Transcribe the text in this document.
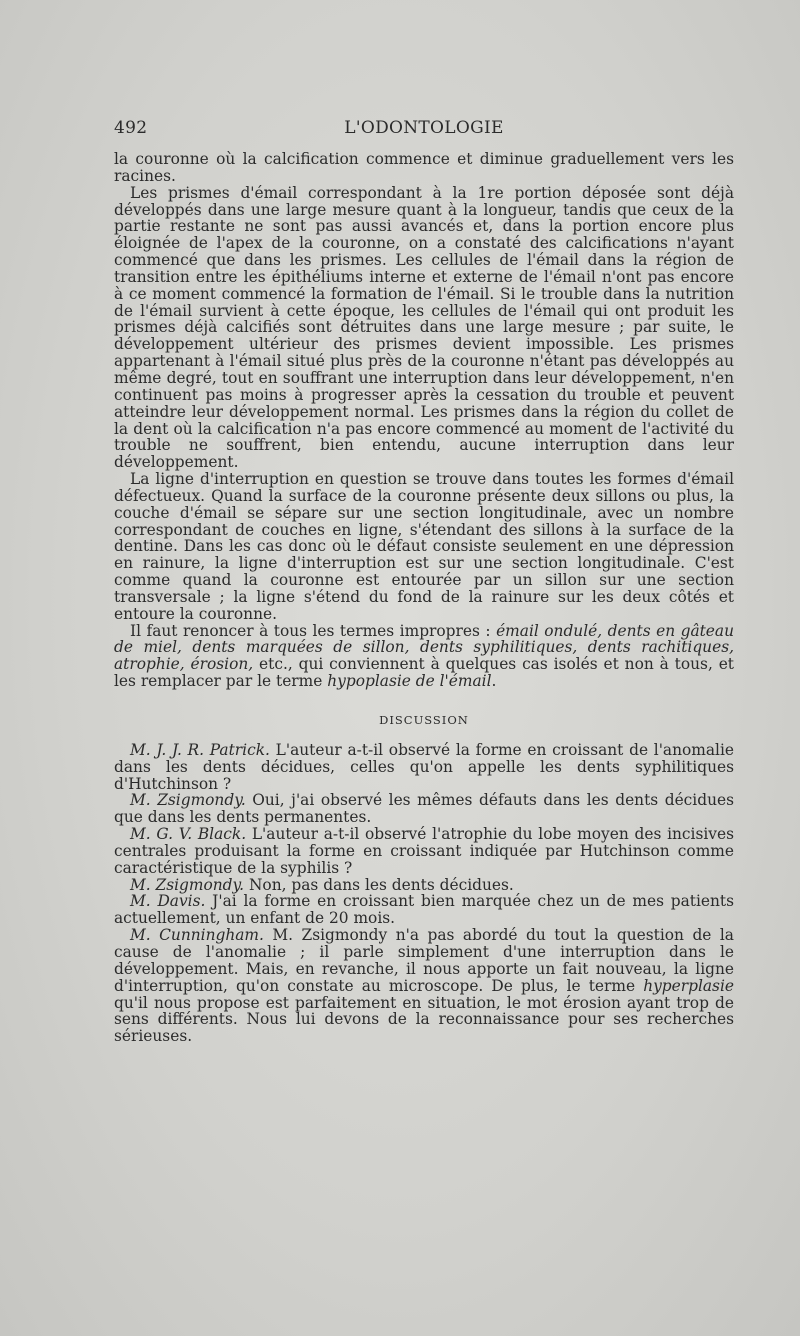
492	L'ODONTOLOGIE

la couronne où la calcification commence et diminue graduellement vers les racines.

Les prismes d'émail correspondant à la 1re portion déposée sont déjà développés dans une large mesure quant à la longueur, tandis que ceux de la partie restante ne sont pas aussi avancés et, dans la portion encore plus éloignée de l'apex de la couronne, on a constaté des calcifications n'ayant commencé que dans les prismes. Les cellules de l'émail dans la région de transition entre les épithéliums interne et externe de l'émail n'ont pas encore à ce moment commencé la formation de l'émail. Si le trouble dans la nutrition de l'émail survient à cette époque, les cellules de l'émail qui ont produit les prismes déjà calcifiés sont détruites dans une large mesure ; par suite, le développement ultérieur des prismes devient impossible. Les prismes appartenant à l'émail situé plus près de la couronne n'étant pas développés au même degré, tout en souffrant une interruption dans leur développement, n'en continuent pas moins à progresser après la cessation du trouble et peuvent atteindre leur développement normal. Les prismes dans la région du collet de la dent où la calcification n'a pas encore commencé au moment de l'activité du trouble ne souffrent, bien entendu, aucune interruption dans leur développement.

La ligne d'interruption en question se trouve dans toutes les formes d'émail défectueux. Quand la surface de la couronne présente deux sillons ou plus, la couche d'émail se sépare sur une section longitudinale, avec un nombre correspondant de couches en ligne, s'étendant des sillons à la surface de la dentine. Dans les cas donc où le défaut consiste seulement en une dépression en rainure, la ligne d'interruption est sur une section longitudinale. C'est comme quand la couronne est entourée par un sillon sur une section transversale ; la ligne s'étend du fond de la rainure sur les deux côtés et entoure la couronne.

Il faut renoncer à tous les termes impropres : émail ondulé, dents en gâteau de miel, dents marquées de sillon, dents syphilitiques, dents rachitiques, atrophie, érosion, etc., qui conviennent à quelques cas isolés et non à tous, et les remplacer par le terme hypoplasie de l'émail.

DISCUSSION

M. J. J. R. Patrick. L'auteur a-t-il observé la forme en croissant de l'anomalie dans les dents décidues, celles qu'on appelle les dents syphilitiques d'Hutchinson ?

M. Zsigmondy. Oui, j'ai observé les mêmes défauts dans les dents décidues que dans les dents permanentes.

M. G. V. Black. L'auteur a-t-il observé l'atrophie du lobe moyen des incisives centrales produisant la forme en croissant indiquée par Hutchinson comme caractéristique de la syphilis ?

M. Zsigmondy. Non, pas dans les dents décidues.

M. Davis. J'ai la forme en croissant bien marquée chez un de mes patients actuellement, un enfant de 20 mois.

M. Cunningham. M. Zsigmondy n'a pas abordé du tout la question de la cause de l'anomalie ; il parle simplement d'une interruption dans le développement. Mais, en revanche, il nous apporte un fait nouveau, la ligne d'interruption, qu'on constate au microscope. De plus, le terme hyperplasie qu'il nous propose est parfaitement en situation, le mot érosion ayant trop de sens différents. Nous lui devons de la reconnaissance pour ses recherches sérieuses.
